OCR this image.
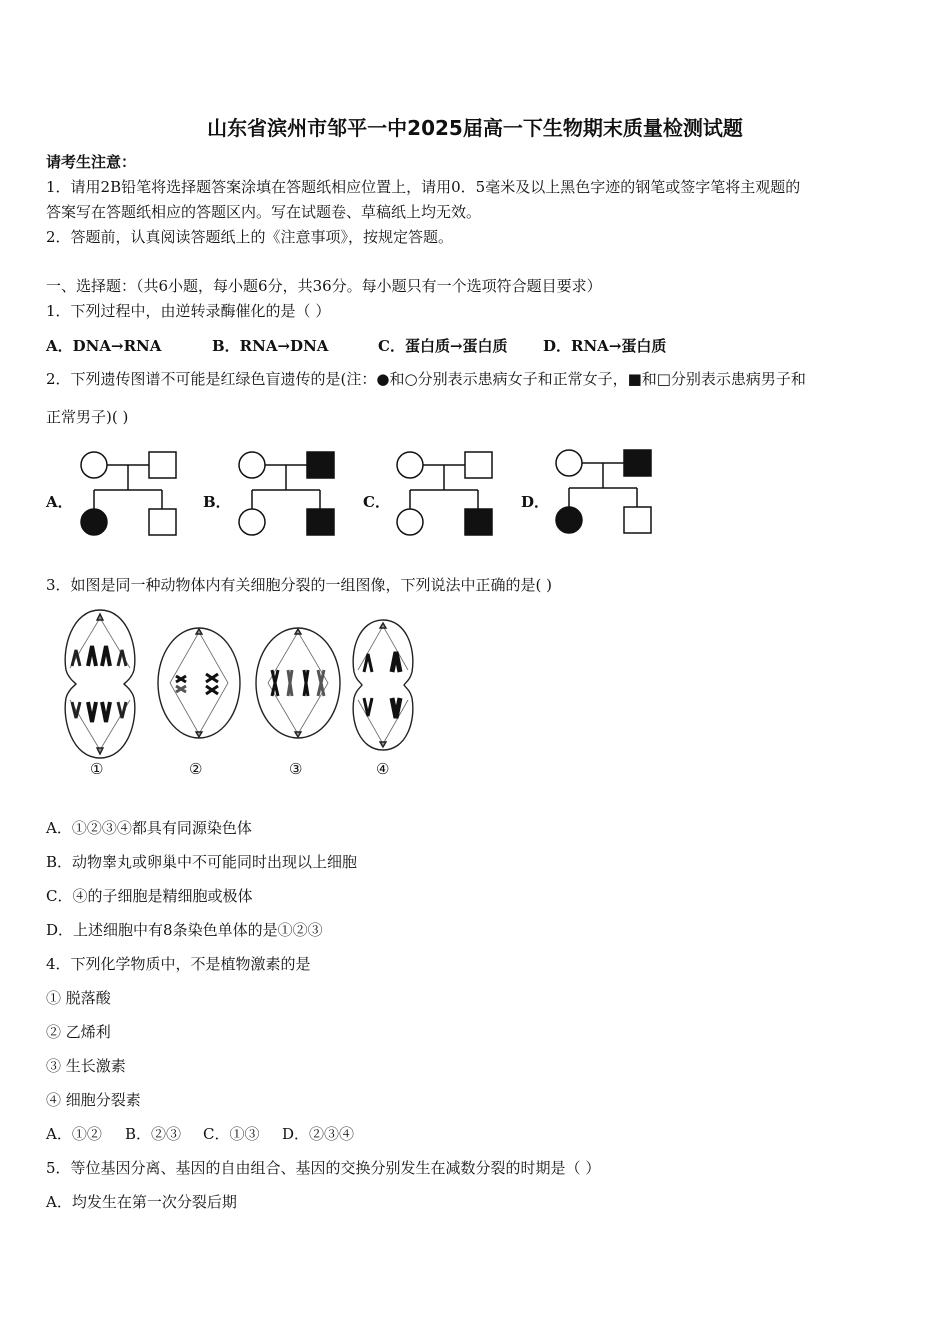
山东省滨州市邹平一中2025届高一下生物期末质量检测试题
请考生注意：
1．请用2B铅笔将选择题答案涂填在答题纸相应位置上，请用0．5毫米及以上黑色字迹的钢笔或签字笔将主观题的
答案写在答题纸相应的答题区内。写在试题卷、草稿纸上均无效。
2．答题前，认真阅读答题纸上的《注意事项》，按规定答题。
一、选择题：（共6小题，每小题6分，共36分。每小题只有一个选项符合题目要求）
1．下列过程中，由逆转录酶催化的是（ ）
A．DNA→RNA	B．RNA→DNA	C．蛋白质→蛋白质 D．RNA→蛋白质
2．下列遗传图谱不可能是红绿色盲遗传的是(注：●和○分别表示患病女子和正常女子，■和□分别表示患病男子和
正常男子)( )
A．	B．	C．	D．
3．如图是同一种动物体内有关细胞分裂的一组图像，下列说法中正确的是( )
①	②	③	④
A．①②③④都具有同源染色体
B．动物睾丸或卵巢中不可能同时出现以上细胞
C．④的子细胞是精细胞或极体
D．上述细胞中有8条染色单体的是①②③
4．下列化学物质中，不是植物激素的是
① 脱落酸
② 乙烯利
③ 生长激素
④ 细胞分裂素
A．①② B．②③ C．①③ D．②③④
5．等位基因分离、基因的自由组合、基因的交换分别发生在减数分裂的时期是（ ）
A．均发生在第一次分裂后期
